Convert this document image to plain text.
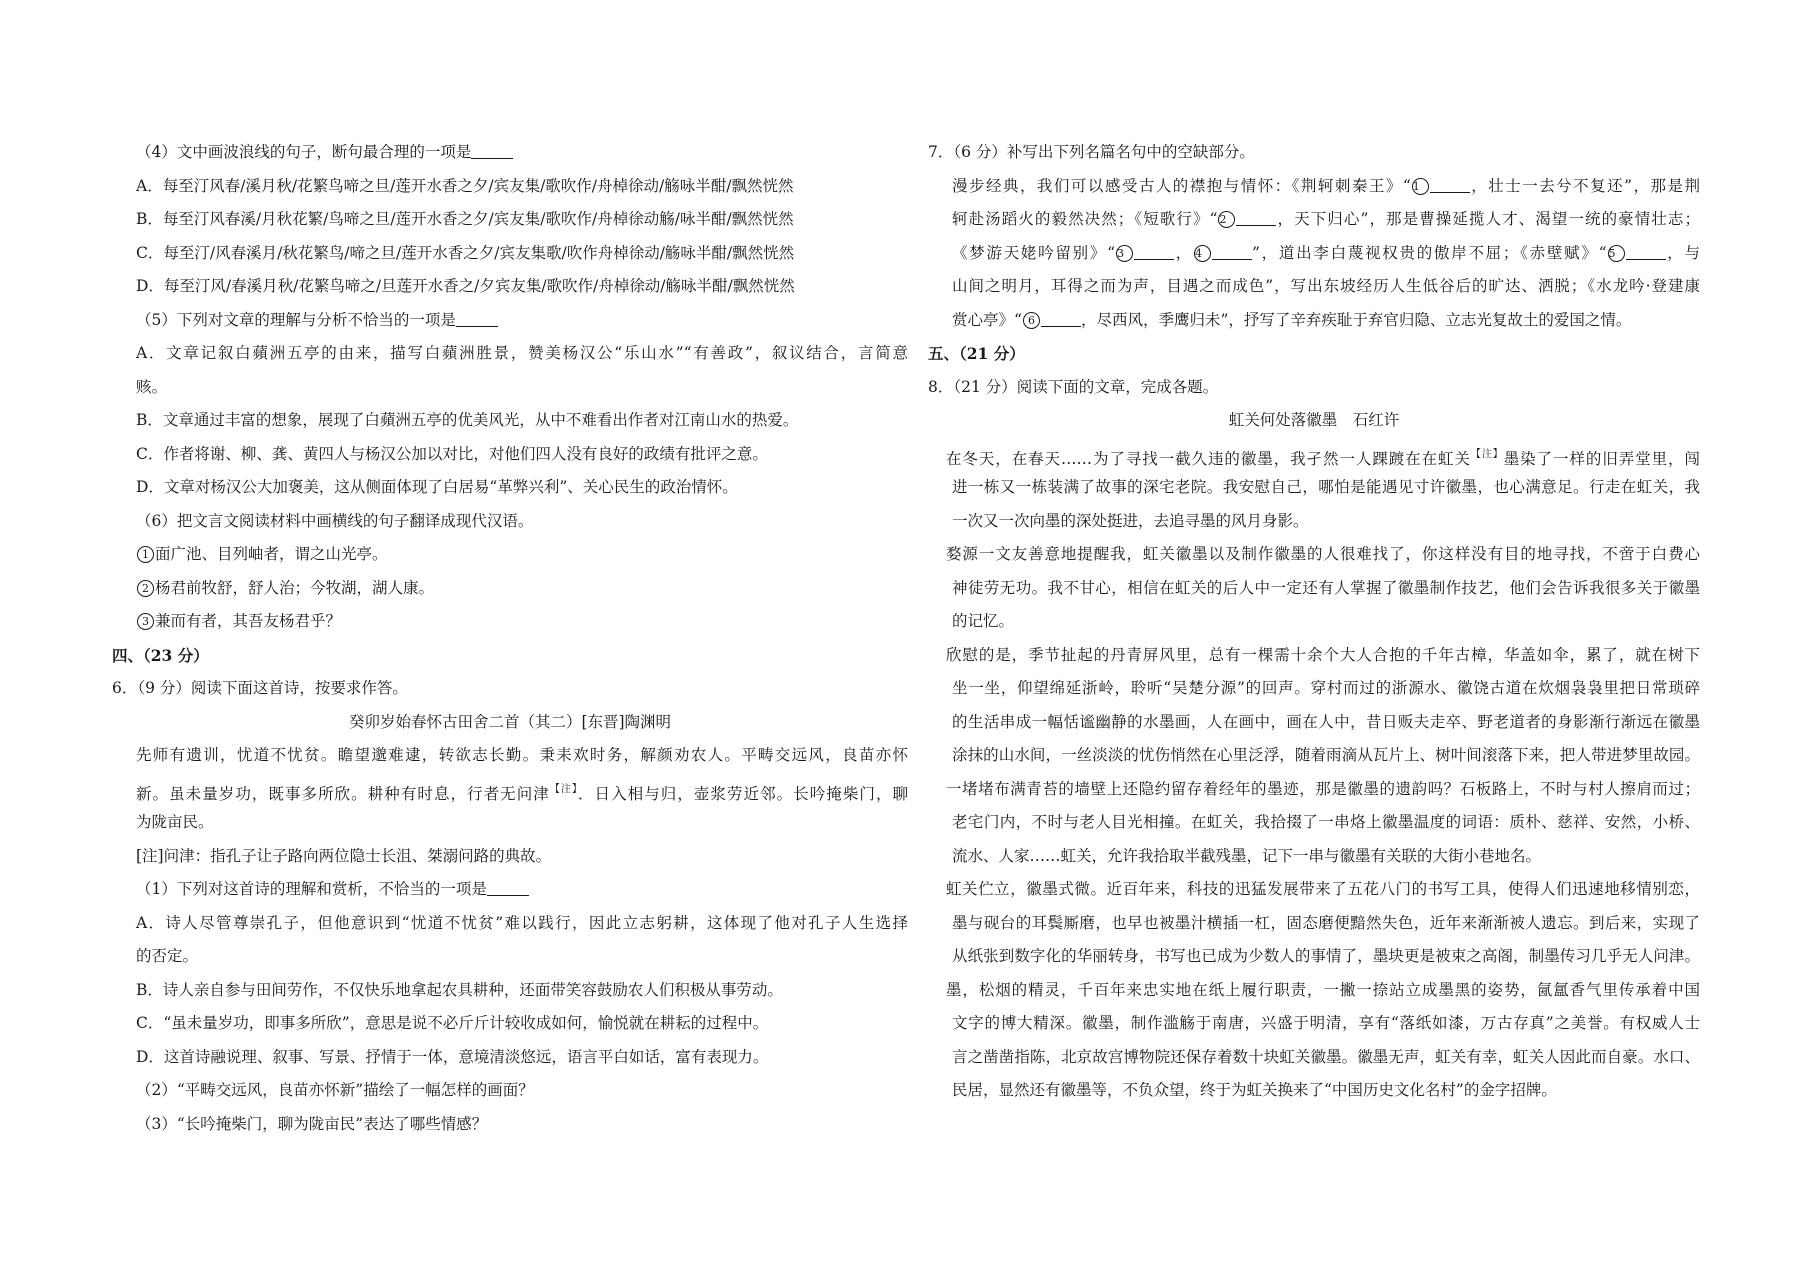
（4）文中画波浪线的句子，断句最合理的一项是
A．每至汀风春/溪月秋/花繁鸟啼之旦/莲开水香之夕/宾友集/歌吹作/舟棹徐动/觞咏半酣/飘然恍然
B．每至汀风春溪/月秋花繁/鸟啼之旦/莲开水香之夕/宾友集/歌吹作/舟棹徐动觞/咏半酣/飘然恍然
C．每至汀/风春溪月/秋花繁鸟/啼之旦/莲开水香之夕/宾友集歌/吹作舟棹徐动/觞咏半酣/飘然恍然
D．每至汀风/春溪月秋/花繁鸟啼之/旦莲开水香之/夕宾友集/歌吹作/舟棹徐动/觞咏半酣/飘然恍然
（5）下列对文章的理解与分析不恰当的一项是
A．文章记叙白蘋洲五亭的由来，描写白蘋洲胜景，赞美杨汉公“乐山水”“有善政”，叙议结合，言简意
赅。
B．文章通过丰富的想象，展现了白蘋洲五亭的优美风光，从中不难看出作者对江南山水的热爱。
C．作者将谢、柳、龚、黄四人与杨汉公加以对比，对他们四人没有良好的政绩有批评之意。
D．文章对杨汉公大加褒美，这从侧面体现了白居易“革弊兴利”、关心民生的政治情怀。
（6）把文言文阅读材料中画横线的句子翻译成现代汉语。
1 面广池、目列岫者，谓之山光亭。
2 杨君前牧舒，舒人治；今牧湖，湖人康。
3 兼而有者，其吾友杨君乎？
四、（23 分）
6．（9 分）阅读下面这首诗，按要求作答。
癸卯岁始春怀古田舍二首（其二）[东晋]陶渊明
先师有遗训，忧道不忧贫。瞻望邈难逮，转欲志长勤。秉耒欢时务，解颜劝农人。平畴交远风，良苗亦怀
新。虽未量岁功，既事多所欣。耕种有时息，行者无问津$^{【注】}$．日入相与归，壶浆劳近邻。长吟掩柴门，聊
为陇亩民。
[注]问津：指孔子让子路向两位隐士长沮、桀溺问路的典故。
（1）下列对这首诗的理解和赏析，不恰当的一项是
A．诗人尽管尊崇孔子，但他意识到“忧道不忧贫”难以践行，因此立志躬耕，这体现了他对孔子人生选择
的否定。
B．诗人亲自参与田间劳作，不仅快乐地拿起农具耕种，还面带笑容鼓励农人们积极从事劳动。
C．“虽未量岁功，即事多所欣”，意思是说不必斤斤计较收成如何，愉悦就在耕耘的过程中。
D．这首诗融说理、叙事、写景、抒情于一体，意境清淡悠远，语言平白如话，富有表现力。
（2）“平畴交远风，良苗亦怀新”描绘了一幅怎样的画面？
（3）“长吟掩柴门，聊为陇亩民”表达了哪些情感？
7．（6 分）补写出下列名篇名句中的空缺部分。
漫步经典，我们可以感受古人的襟抱与情怀：《荆轲刺秦王》“ 1	，壮士一去兮不复还”，那是荆
轲赴汤蹈火的毅然决然；《短歌行》“ 2	，天下归心”，那是曹操延揽人才、渴望一统的豪情壮志；
《梦游天姥吟留别》“ 3	， 4	”，道出李白蔑视权贵的傲岸不屈；《赤壁赋》“ 5	，与
山间之明月，耳得之而为声，目遇之而成色”，写出东坡经历人生低谷后的旷达、洒脱；《水龙吟·登建康
赏心亭》“ 6	，尽西风，季鹰归未”，抒写了辛弃疾耻于弃官归隐、立志光复故土的爱国之情。
五、（21 分）
8．（21 分）阅读下面的文章，完成各题。
虹关何处落徽墨　石红许
在冬天，在春天……为了寻找一截久违的徽墨，我孑然一人踝踱在在虹关$^{【注】}$墨染了一样的旧弄堂里，闯
进一栋又一栋装满了故事的深宅老院。我安慰自己，哪怕是能遇见寸许徽墨，也心满意足。行走在虹关，我
一次又一次向墨的深处挺进，去追寻墨的风月身影。
婺源一文友善意地提醒我，虹关徽墨以及制作徽墨的人很难找了，你这样没有目的地寻找，不啻于白费心
神徒劳无功。我不甘心，相信在虹关的后人中一定还有人掌握了徽墨制作技艺，他们会告诉我很多关于徽墨
的记忆。
欣慰的是，季节扯起的丹青屏风里，总有一棵需十余个大人合抱的千年古樟，华盖如伞，累了，就在树下
坐一坐，仰望绵延浙岭，聆听“吴楚分源”的回声。穿村而过的浙源水、徽饶古道在炊烟袅袅里把日常琐碎
的生活串成一幅恬谧幽静的水墨画，人在画中，画在人中，昔日贩夫走卒、野老道者的身影渐行渐远在徽墨
涂抹的山水间，一丝淡淡的忧伤悄然在心里泛浮，随着雨滴从瓦片上、树叶间滚落下来，把人带进梦里故园。
一堵堵布满青苔的墙壁上还隐约留存着经年的墨迹，那是徽墨的遗韵吗？石板路上，不时与村人擦肩而过；
老宅门内，不时与老人目光相撞。在虹关，我拾掇了一串烙上徽墨温度的词语：质朴、慈祥、安然，小桥、
流水、人家……虹关，允许我拾取半截残墨，记下一串与徽墨有关联的大街小巷地名。
虹关伫立，徽墨式微。近百年来，科技的迅猛发展带来了五花八门的书写工具，使得人们迅速地移情别恋，
墨与砚台的耳鬓厮磨，也早也被墨汁横插一杠，固态磨便黯然失色，近年来渐渐被人遗忘。到后来，实现了
从纸张到数字化的华丽转身，书写也已成为少数人的事情了，墨块更是被束之高阁，制墨传习几乎无人问津。
墨，松烟的精灵，千百年来忠实地在纸上履行职责，一撇一捺站立成墨黑的姿势，氤氲香气里传承着中国
文字的博大精深。徽墨，制作滥觞于南唐，兴盛于明清，享有“落纸如漆，万古存真”之美誉。有权威人士
言之凿凿指陈，北京故宫博物院还保存着数十块虹关徽墨。徽墨无声，虹关有幸，虹关人因此而自豪。水口、
民居，显然还有徽墨等，不负众望，终于为虹关换来了“中国历史文化名村”的金字招牌。
